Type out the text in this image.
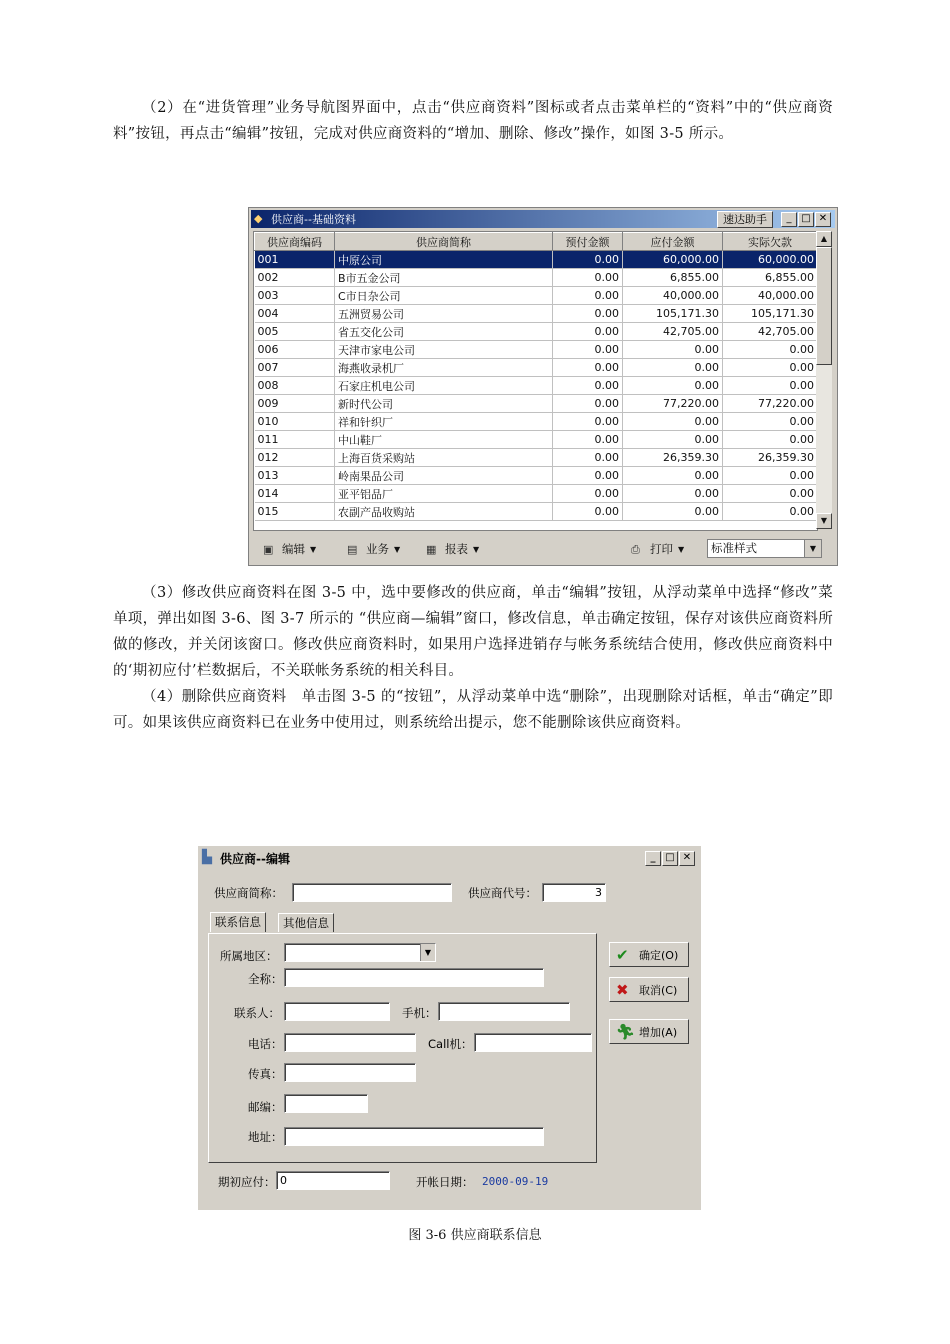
（2）在“进货管理”业务导航图界面中，点击“供应商资料”图标或者点击菜单栏的“资料”中的“供应商资料”按钮，再点击“编辑”按钮，完成对供应商资料的“增加、删除、修改”操作，如图 3-5 所示。

◆ 供应商--基础资料	速达助手	_ □ ✕
供应商编码	供应商简称	预付金额	应付金额	实际欠款
001	中原公司	0.00	60,000.00	60,000.00
002	B市五金公司	0.00	6,855.00	6,855.00
003	C市日杂公司	0.00	40,000.00	40,000.00
004	五洲贸易公司	0.00	105,171.30	105,171.30
005	省五交化公司	0.00	42,705.00	42,705.00
006	天津市家电公司	0.00	0.00	0.00
007	海燕收录机厂	0.00	0.00	0.00
008	石家庄机电公司	0.00	0.00	0.00
009	新时代公司	0.00	77,220.00	77,220.00
010	祥和针织厂	0.00	0.00	0.00
011	中山鞋厂	0.00	0.00	0.00
012	上海百货采购站	0.00	26,359.30	26,359.30
013	岭南果品公司	0.00	0.00	0.00
014	亚平铝品厂	0.00	0.00	0.00
015	农副产品收购站	0.00	0.00	0.00
▲
▼
▣ 编辑 ▼	▤ 业务 ▼ ▦ 报表 ▼	⎙ 打印 ▼	标准样式	▼

（3）修改供应商资料在图 3-5 中，选中要修改的供应商，单击“编辑”按钮，从浮动菜单中选择“修改”菜单项，弹出如图 3-6、图 3-7 所示的 “供应商—编辑”窗口，修改信息，单击确定按钮，保存对该供应商资料所做的修改，并关闭该窗口。修改供应商资料时，如果用户选择进销存与帐务系统结合使用，修改供应商资料中的‘期初应付’栏数据后，不关联帐务系统的相关科目。

（4）删除供应商资料　单击图 3-5 的“按钮”，从浮动菜单中选“删除”，出现删除对话框，单击“确定”即可。如果该供应商资料已在业务中使用过，则系统给出提示，您不能删除该供应商资料。

▙ 供应商--编辑	_ □ ✕
供应商简称：	供应商代号：	3
联系信息	其他信息
所属地区：	▼
全称：
联系人：	手机：
电话：	Call机：
传真：
邮编：
地址：
期初应付： 0	开帐日期： 2000-09-19
✔ 确定(O)
✖ 取消(C)
🏃︎ 增加(A)
图 3-6 供应商联系信息
